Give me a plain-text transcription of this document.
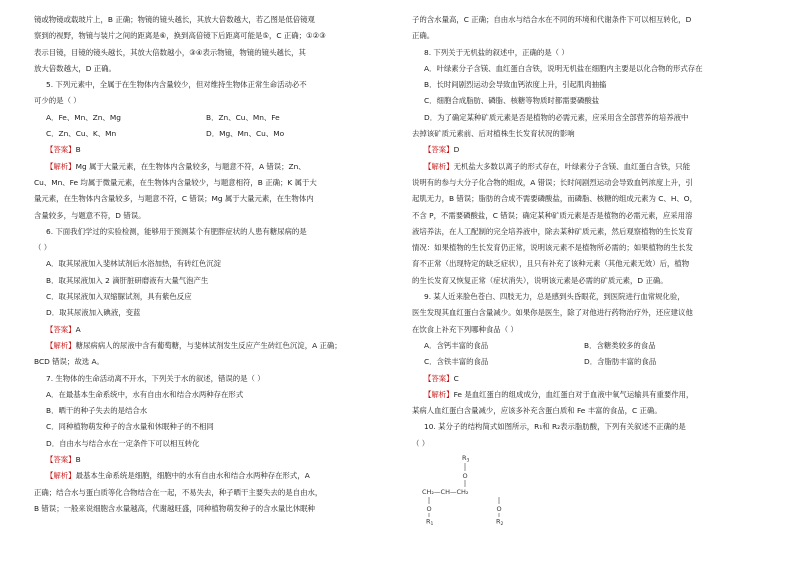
镜或物镜或载玻片上，B 正确；物镜的镜头越长，其放大倍数越大，若乙图是低倍镜观
察到的视野，物镜与装片之间的距离是⑥，换到高倍镜下后距离可能是⑤，C 正确；①②③
表示目镜，目镜的镜头越长，其放大倍数越小，③④表示物镜，物镜的镜头越长，其
放大倍数越大，D 正确。
5. 下列元素中，全属于在生物体内含量较少，但对维持生物体正常生命活动必不
可少的是（ ）
A．Fe、Mn、Zn、Mg	B．Zn、Cu、Mn、Fe
C．Zn、Cu、K、Mn	D．Mg、Mn、Cu、Mo
【答案】B
【解析】Mg 属于大量元素，在生物体内含量较多，与题意不符，A 错误；Zn、
Cu、Mn、Fe 均属于微量元素，在生物体内含量较少，与题意相符，B 正确；K 属于大
量元素，在生物体内含量较多，与题意不符，C 错误；Mg 属于大量元素，在生物体内
含量较多，与题意不符，D 错误。
6. 下面我们学过的实验检测，能够用于预测某个有肥胖症状的人患有糖尿病的是
（ ）
A．取其尿液加入斐林试剂后水浴加热，有砖红色沉淀
B．取其尿液加入 2 滴肝脏研磨液有大量气泡产生
C．取其尿液加入双缩脲试剂，具有紫色反应
D．取其尿液加入碘液，变蓝
【答案】A
【解析】糖尿病病人的尿液中含有葡萄糖，与斐林试剂发生反应产生砖红色沉淀，A 正确；
BCD 错误；故选 A。
7. 生物体的生命活动离不开水，下列关于水的叙述，错误的是（ ）
A．在最基本生命系统中，水有自由水和结合水两种存在形式
B．晒干的种子失去的是结合水
C．同种植物萌发种子的含水量和休眠种子的不相同
D．自由水与结合水在一定条件下可以相互转化
【答案】B
【解析】最基本生命系统是细胞，细胞中的水有自由水和结合水两种存在形式，A
正确；结合水与蛋白质等化合物结合在一起，不易失去，种子晒干主要失去的是自由水，
B 错误；一般来说细胞含水量越高，代谢越旺盛，同种植物萌发种子的含水量比休眠种
子的含水量高，C 正确；自由水与结合水在不同的环境和代谢条件下可以相互转化，D
正确。
8. 下列关于无机盐的叙述中，正确的是（ ）
A．叶绿素分子含镁、血红蛋白含铁，说明无机盐在细胞内主要是以化合物的形式存在
B．长时间剧烈运动会导致血钙浓度上升，引起肌肉抽搐
C．细胞合成脂肪、磷脂、核糖等物质时都需要磷酸盐
D．为了确定某种矿质元素是否是植物的必需元素，应采用含全部营养的培养液中
去掉该矿质元素前、后对植株生长发育状况的影响
【答案】D
【解析】无机盐大多数以离子的形式存在，叶绿素分子含镁、血红蛋白含铁，只能
说明有的参与大分子化合物的组成，A 错误；长时间剧烈运动会导致血钙浓度上升，引
起肌无力，B 错误；脂肪的合成不需要磷酸盐，而磷脂、核糖的组成元素为 C、H、O，
不含 P，不需要磷酸盐，C 错误；确定某种矿质元素是否是植物的必需元素，应采用溶
液培养法，在人工配制的完全培养液中，除去某种矿质元素，然后观察植物的生长发育
情况：如果植物的生长发育仍正常，说明该元素不是植物所必需的；如果植物的生长发
育不正常（出现特定的缺乏症状），且只有补充了该种元素（其他元素无效）后，植物
的生长发育又恢复正常（症状消失），说明该元素是必需的矿质元素，D 正确。
9. 某人近来脸色苍白、四肢无力，总是感到头昏眼花，到医院进行血常规化验，
医生发现其血红蛋白含量减少。如果你是医生，除了对他进行药物治疗外，还应建议他
在饮食上补充下列哪种食品（ ）
A．含钙丰富的食品	B．含糖类较多的食品
C．含铁丰富的食品	D．含脂肪丰富的食品
【答案】C
【解析】Fe 是血红蛋白的组成成分，血红蛋白对于血液中氧气运输具有重要作用，
某病人血红蛋白含量减少，应该多补充含蛋白质和 Fe 丰富的食品，C 正确。
10. 某分子的结构简式如图所示，R₁和 R₂表示脂肪酸，下列有关叙述不正确的是
（ ）
$R_3$
O
CH₂—CH—CH₂
O	O
$R_1$	$R_2$
